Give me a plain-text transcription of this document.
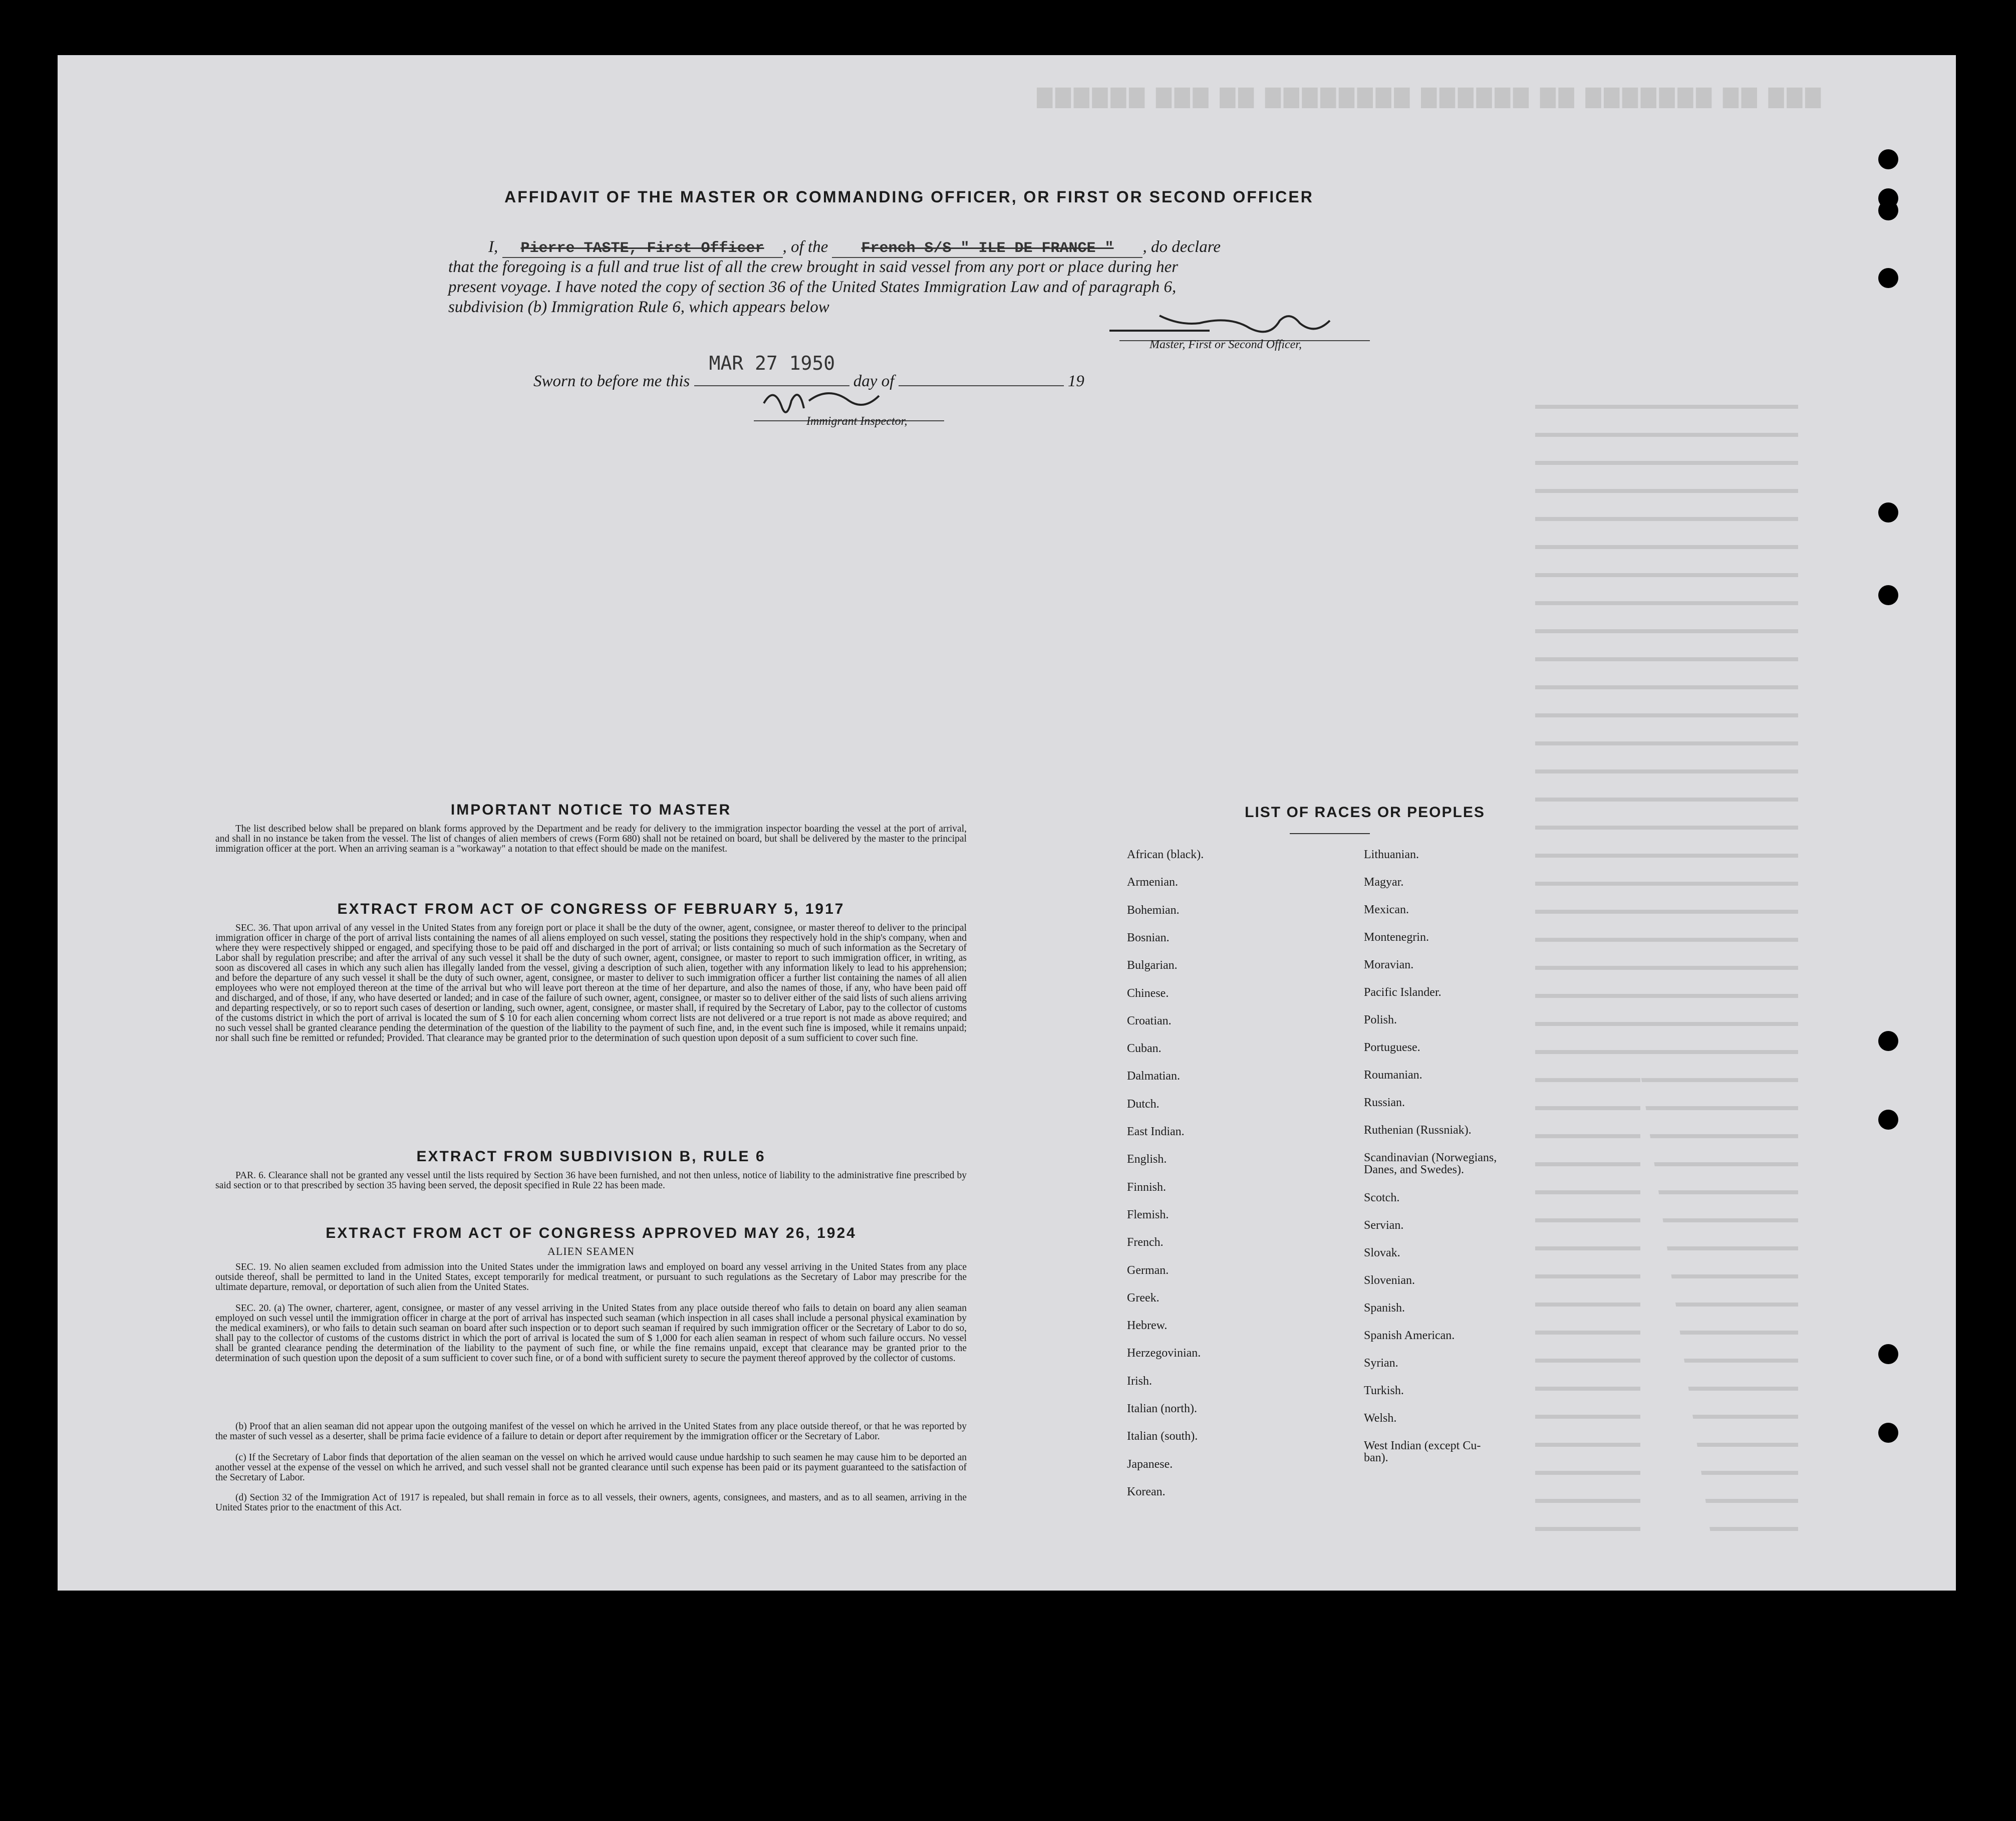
▇▇▇ ▇▇ ▇▇▇▇▇▇▇ ▇▇ ▇▇▇▇▇▇ ▇▇▇▇▇▇▇▇ ▇▇ ▇▇▇ ▇▇▇▇▇▇
AFFIDAVIT OF THE MASTER OR COMMANDING OFFICER, OR FIRST OR SECOND OFFICER
I, Pierre TASTE, First Officer , of the French S/S " ILE DE FRANCE " , do declare
that the foregoing is a full and true list of all the crew brought in said vessel from any port or place during her
present voyage. I have noted the copy of section 36 of the United States Immigration Law and of paragraph 6,
subdivision (b) Immigration Rule 6, which appears below
Master, First or Second Officer,
Sworn to before me this
MAR 27 1950
day of	19
Immigrant Inspector,
IMPORTANT NOTICE TO MASTER
The list described below shall be prepared on blank forms approved by the Department and be ready for delivery to the immigration inspector boarding the vessel at the port of arrival, and shall in no instance be taken from the vessel. The list of changes of alien members of crews (Form 680) shall not be retained on board, but shall be delivered by the master to the principal immigration officer at the port. When an arriving seaman is a "workaway" a notation to that effect should be made on the manifest.
EXTRACT FROM ACT OF CONGRESS OF FEBRUARY 5, 1917
SEC. 36. That upon arrival of any vessel in the United States from any foreign port or place it shall be the duty of the owner, agent, consignee, or master thereof to deliver to the principal immigration officer in charge of the port of arrival lists containing the names of all aliens employed on such vessel, stating the positions they respectively hold in the ship's company, when and where they were respectively shipped or engaged, and specifying those to be paid off and discharged in the port of arrival; or lists containing so much of such information as the Secretary of Labor shall by regulation prescribe; and after the arrival of any such vessel it shall be the duty of such owner, agent, consignee, or master to report to such immigration officer, in writing, as soon as discovered all cases in which any such alien has illegally landed from the vessel, giving a description of such alien, together with any information likely to lead to his apprehension; and before the departure of any such vessel it shall be the duty of such owner, agent, consignee, or master to deliver to such immigration officer a further list containing the names of all alien employees who were not employed thereon at the time of the arrival but who will leave port thereon at the time of her departure, and also the names of those, if any, who have been paid off and discharged, and of those, if any, who have deserted or landed; and in case of the failure of such owner, agent, consignee, or master so to deliver either of the said lists of such aliens arriving and departing respectively, or so to report such cases of desertion or landing, such owner, agent, consignee, or master shall, if required by the Secretary of Labor, pay to the collector of customs of the customs district in which the port of arrival is located the sum of $ 10 for each alien concerning whom correct lists are not delivered or a true report is not made as above required; and no such vessel shall be granted clearance pending the determination of the question of the liability to the payment of such fine, and, in the event such fine is imposed, while it remains unpaid; nor shall such fine be remitted or refunded; Provided. That clearance may be granted prior to the determination of such question upon deposit of a sum sufficient to cover such fine.
EXTRACT FROM SUBDIVISION B, RULE 6
PAR. 6. Clearance shall not be granted any vessel until the lists required by Section 36 have been furnished, and not then unless, notice of liability to the administrative fine prescribed by said section or to that prescribed by section 35 having been served, the deposit specified in Rule 22 has been made.
EXTRACT FROM ACT OF CONGRESS APPROVED MAY 26, 1924
ALIEN SEAMEN
SEC. 19. No alien seamen excluded from admission into the United States under the immigration laws and employed on board any vessel arriving in the United States from any place outside thereof, shall be permitted to land in the United States, except temporarily for medical treatment, or pursuant to such regulations as the Secretary of Labor may prescribe for the ultimate departure, removal, or deportation of such alien from the United States.
SEC. 20. (a) The owner, charterer, agent, consignee, or master of any vessel arriving in the United States from any place outside thereof who fails to detain on board any alien seaman employed on such vessel until the immigration officer in charge at the port of arrival has inspected such seaman (which inspection in all cases shall include a personal physical examination by the medical examiners), or who fails to detain such seaman on board after such inspection or to deport such seaman if required by such immigration officer or the Secretary of Labor to do so, shall pay to the collector of customs of the customs district in which the port of arrival is located the sum of $ 1,000 for each alien seaman in respect of whom such failure occurs. No vessel shall be granted clearance pending the determination of the liability to the payment of such fine, or while the fine remains unpaid, except that clearance may be granted prior to the determination of such question upon the deposit of a sum sufficient to cover such fine, or of a bond with sufficient surety to secure the payment thereof approved by the collector of customs.
(b) Proof that an alien seaman did not appear upon the outgoing manifest of the vessel on which he arrived in the United States from any place outside thereof, or that he was reported by the master of such vessel as a deserter, shall be prima facie evidence of a failure to detain or deport after requirement by the immigration officer or the Secretary of Labor.
(c) If the Secretary of Labor finds that deportation of the alien seaman on the vessel on which he arrived would cause undue hardship to such seamen he may cause him to be deported an another vessel at the expense of the vessel on which he arrived, and such vessel shall not be granted clearance until such expense has been paid or its payment guaranteed to the satisfaction of the Secretary of Labor.
(d) Section 32 of the Immigration Act of 1917 is repealed, but shall remain in force as to all vessels, their owners, agents, consignees, and masters, and as to all seamen, arriving in the United States prior to the enactment of this Act.
LIST OF RACES OR PEOPLES
African (black).
Armenian.
Bohemian.
Bosnian.
Bulgarian.
Chinese.
Croatian.
Cuban.
Dalmatian.
Dutch.
East Indian.
English.
Finnish.
Flemish.
French.
German.
Greek.
Hebrew.
Herzegovinian.
Irish.
Italian (north).
Italian (south).
Japanese.
Korean.
Lithuanian.
Magyar.
Mexican.
Montenegrin.
Moravian.
Pacific Islander.
Polish.
Portuguese.
Roumanian.
Russian.
Ruthenian (Russniak).
Scandinavian (Norwegians,
Danes, and Swedes).
Scotch.
Servian.
Slovak.
Slovenian.
Spanish.
Spanish American.
Syrian.
Turkish.
Welsh.
West Indian (except Cu-
ban).
